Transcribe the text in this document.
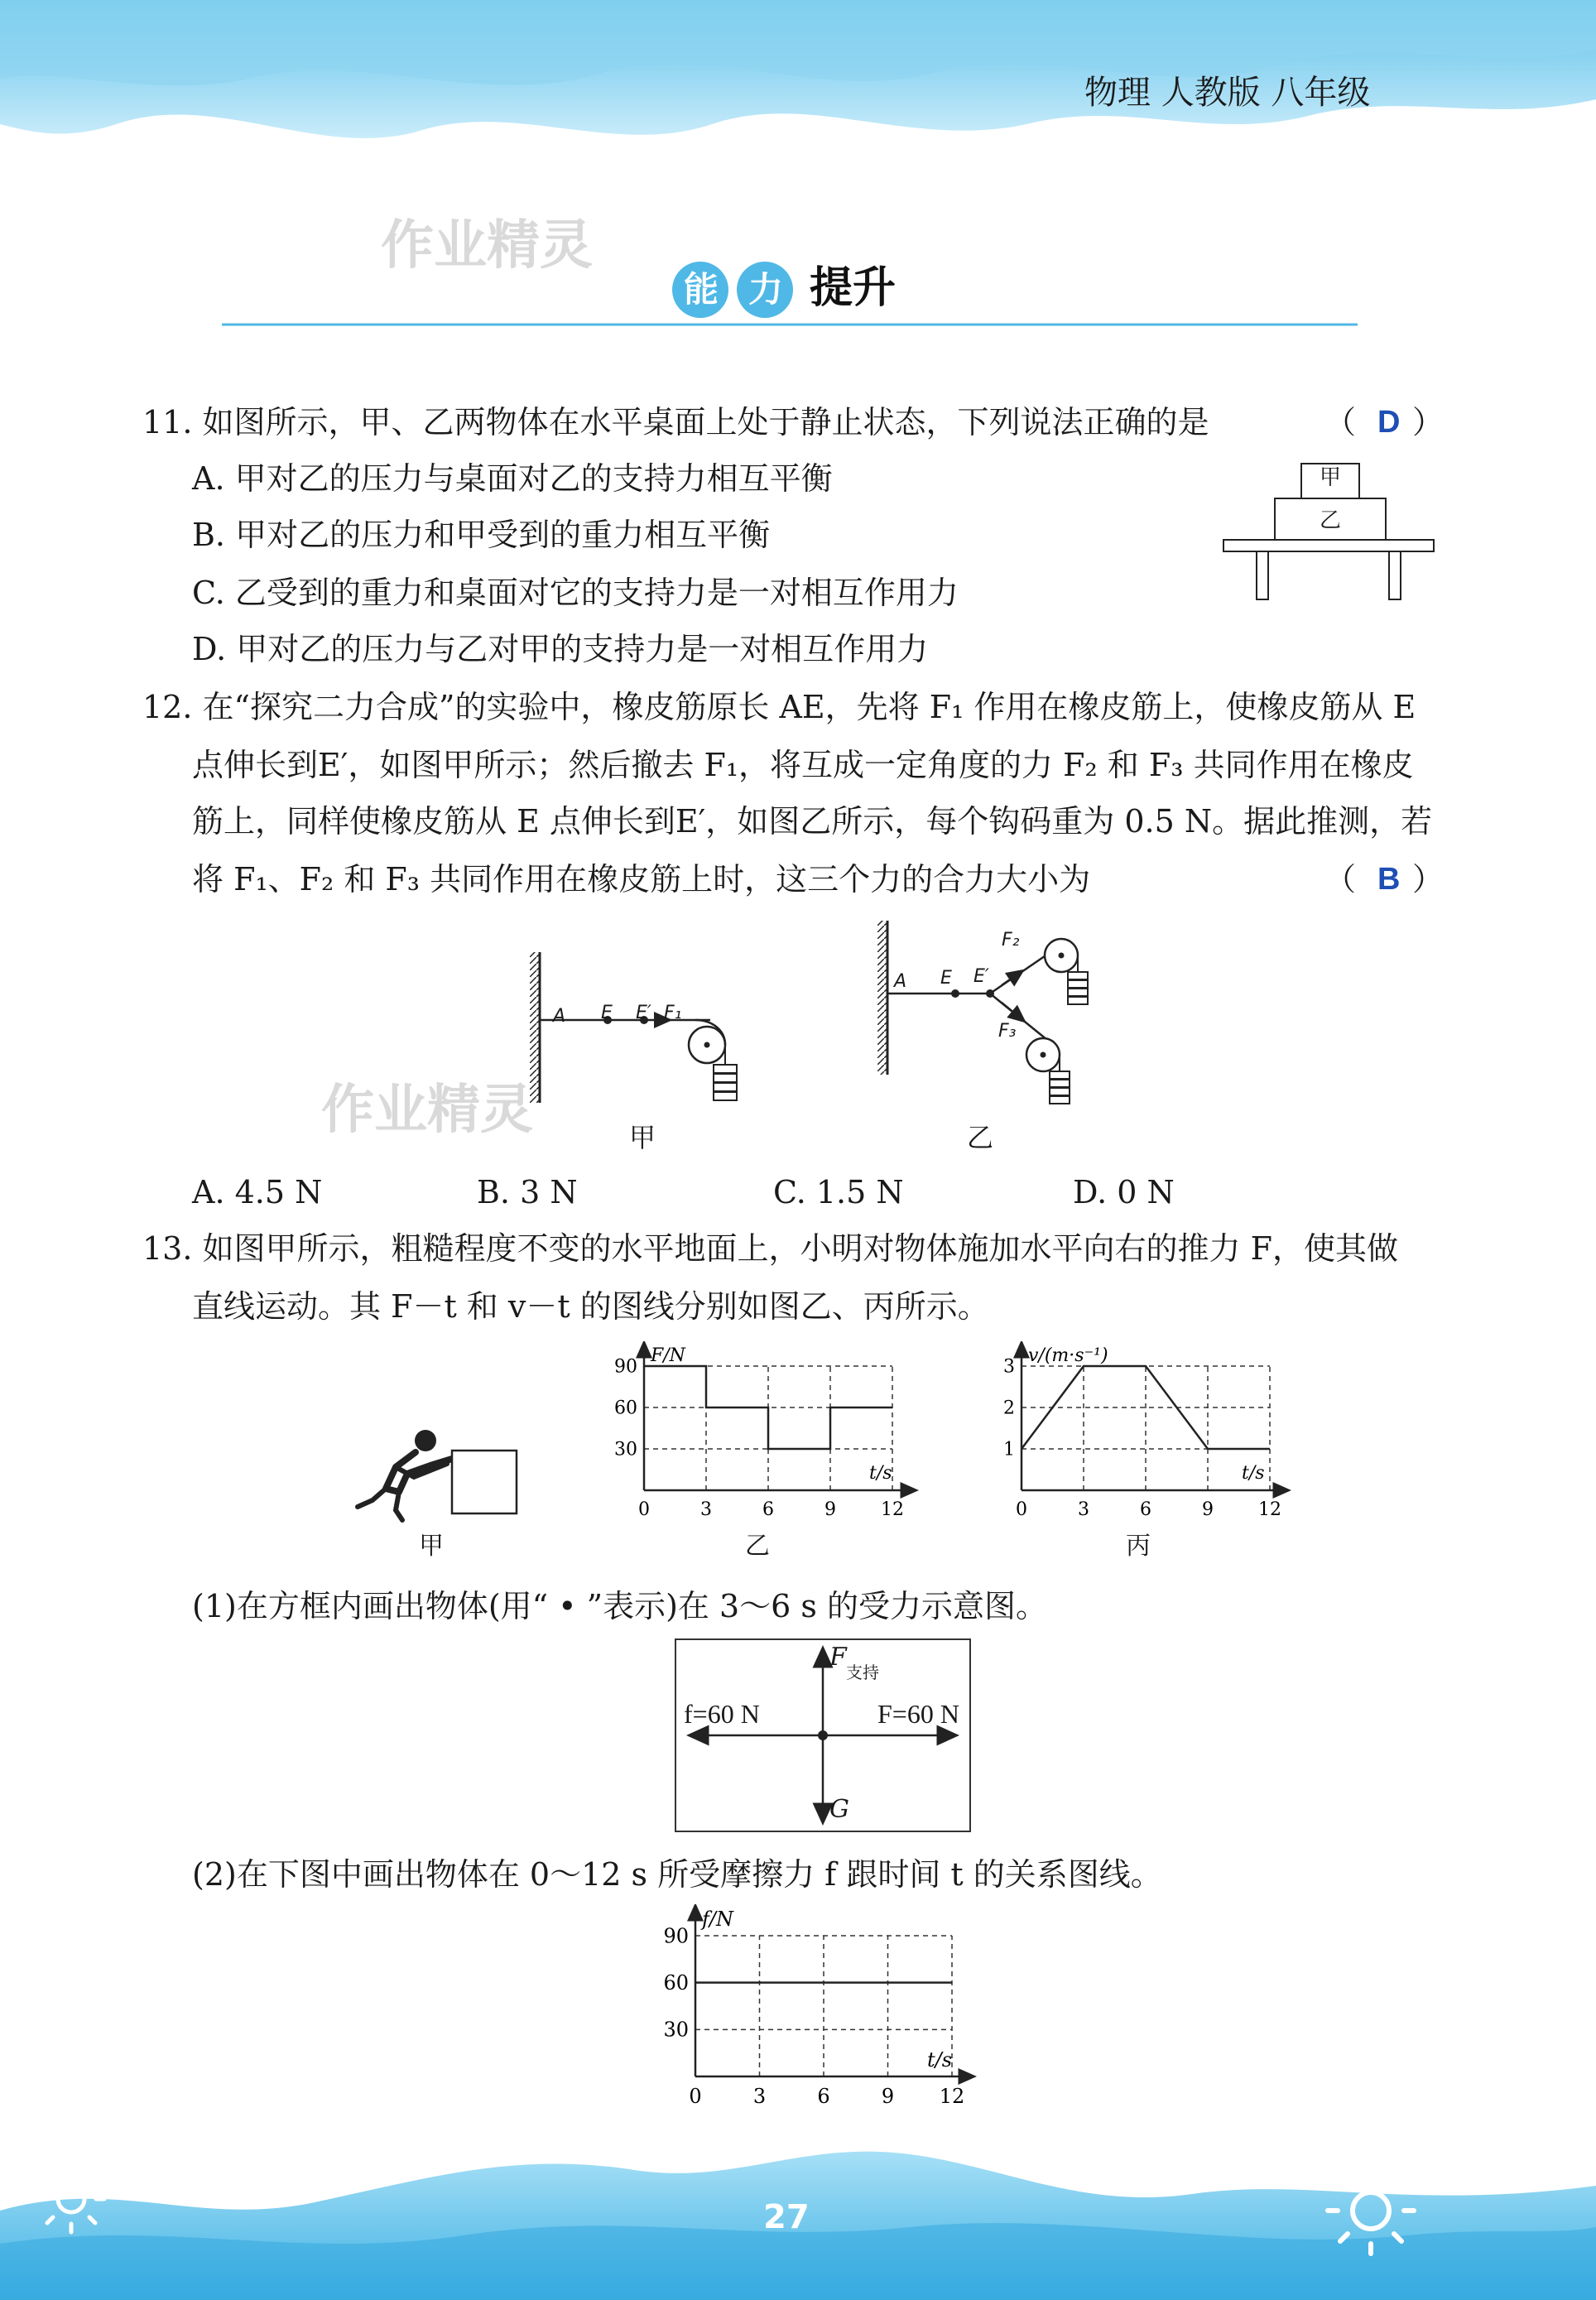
物理 人教版 八年级
作业精灵
能 力 提升
11. 如图所示，甲、乙两物体在水平桌面上处于静止状态，下列说法正确的是	（ D ）
A. 甲对乙的压力与桌面对乙的支持力相互平衡
B. 甲对乙的压力和甲受到的重力相互平衡
C. 乙受到的重力和桌面对它的支持力是一对相互作用力
D. 甲对乙的压力与乙对甲的支持力是一对相互作用力
甲
乙
12. 在“探究二力合成”的实验中，橡皮筋原长 AE，先将 F₁ 作用在橡皮筋上，使橡皮筋从 E
点伸长到E′，如图甲所示；然后撤去 F₁，将互成一定角度的力 F₂ 和 F₃ 共同作用在橡皮
筋上，同样使橡皮筋从 E 点伸长到E′，如图乙所示，每个钩码重为 0.5 N。据此推测，若
将 F₁、F₂ 和 F₃ 共同作用在橡皮筋上时，这三个力的合力大小为	（ B ）
A E E′ F₁
甲
作业精灵
A E E′
F₂
F₃
乙
A. 4.5 N	B. 3 N	C. 1.5 N	D. 0 N
13. 如图甲所示，粗糙程度不变的水平地面上，小明对物体施加水平向右的推力 F，使其做
直线运动。其 F－t 和 v－t 的图线分别如图乙、丙所示。
甲
F/N
t/s
30
60
90
0	3	6	9 12
乙
v/(m·s⁻¹)
t/s
1
2
3
0	3	6	9 12
丙
(1)在方框内画出物体(用“ • ”表示)在 3～6 s 的受力示意图。
F
支持
f=60 N	F=60 N
G
(2)在下图中画出物体在 0～12 s 所受摩擦力 f 跟时间 t 的关系图线。
f/N
t/s
30
60
90
0	3	6	9 12
27
